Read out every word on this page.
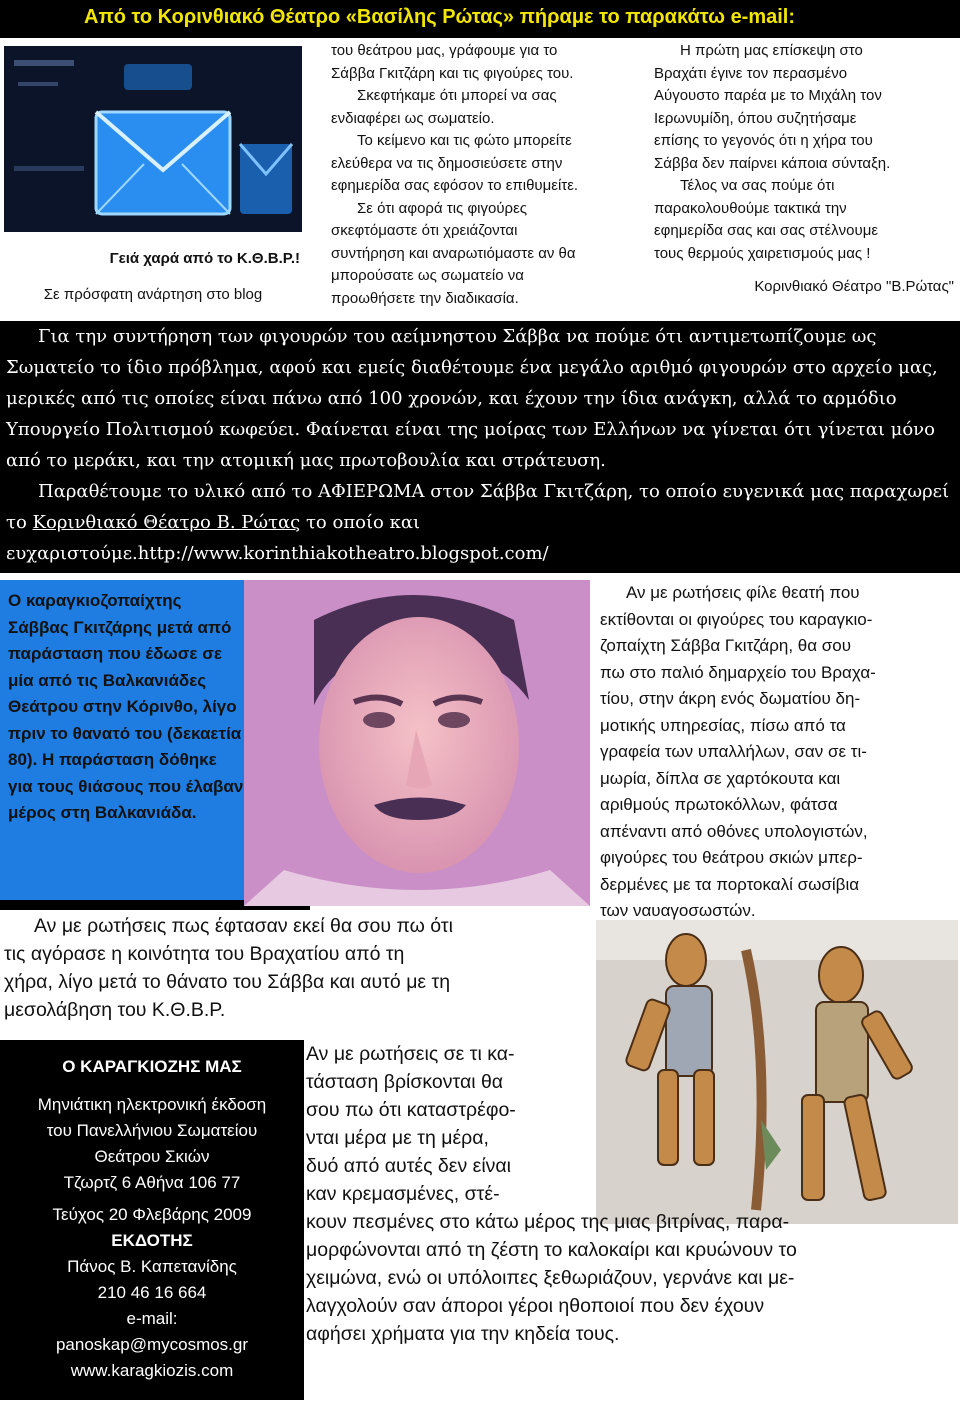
Από το Κορινθιακό Θέατρο «Βασίλης Ρώτας» πήραμε το παρακάτω e-mail:
Γειά χαρά από το Κ.Θ.Β.Ρ.!
Σε πρόσφατη ανάρτηση στο blog

του θεάτρου μας, γράφουμε για το

Σάββα Γκιτζάρη και τις φιγούρες του.

Σκεφτήκαμε ότι μπορεί να σας

ενδιαφέρει ως σωματείο.

Το κείμενο και τις φώτο μπορείτε

ελεύθερα να τις δημοσιεύσετε στην

εφημερίδα σας εφόσον το επιθυμείτε.

Σε ότι αφορά τις φιγούρες

σκεφτόμαστε ότι χρειάζονται

συντήρηση και αναρωτιόμαστε αν θα

μπορούσατε ως σωματείο να

προωθήσετε την διαδικασία.

Η πρώτη μας επίσκεψη στο

Βραχάτι έγινε τον περασμένο

Αύγουστο παρέα με το Μιχάλη τον

Ιερωνυμίδη, όπου συζητήσαμε

επίσης το γεγονός ότι η χήρα του

Σάββα δεν παίρνει κάποια σύνταξη.

Τέλος να σας πούμε ότι

παρακολουθούμε τακτικά την

εφημερίδα σας και σας στέλνουμε

τους θερμούς χαιρετισμούς μας !

Κορινθιακό Θέατρο "Β.Ρώτας"

Για την συντήρηση των φιγουρών του αείμνηστου Σάββα να πούμε ότι αντιμετωπίζουμε ως Σωματείο το ίδιο πρόβλημα, αφού και εμείς διαθέτουμε ένα μεγάλο αριθμό φιγουρών στο αρχείο μας, μερικές από τις οποίες είναι πάνω από 100 χρονών, και έχουν την ίδια ανάγκη, αλλά το αρμόδιο Υπουργείο Πολιτισμού κωφεύει. Φαίνεται είναι της μοίρας των Ελλήνων να γίνεται ότι γίνεται μόνο από το μεράκι, και την ατομική μας πρωτοβουλία και στράτευση.

Παραθέτουμε το υλικό από το ΑΦΙΕΡΩΜΑ στον Σάββα Γκιτζάρη, το οποίο ευγενικά μας παραχωρεί το Κορινθιακό Θέατρο Β. Ρώτας το οποίο και ευχαριστούμε.http://www.korinthiakotheatro.blogspot.com/

Ο καραγκιοζοπαίχτης Σάββας Γκιτζάρης μετά από παράσταση που έδωσε σε μία από τις Βαλκανιάδες Θεάτρου στην Κόρινθο, λίγο πριν το θανατό του (δεκαετία 80). Η παράσταση δόθηκε για τους θιάσους που έλαβαν μέρος στη Βαλκανιάδα.

Αν με ρωτήσεις φίλε θεατή που

εκτίθονται οι φιγούρες του καραγκιο-

ζοπαίχτη Σάββα Γκιτζάρη, θα σου

πω στο παλιό δημαρχείο του Βραχα-

τίου, στην άκρη ενός δωματίου δη-

μοτικής υπηρεσίας, πίσω από τα

γραφεία των υπαλλήλων, σαν σε τι-

μωρία, δίπλα σε χαρτόκουτα και

αριθμούς πρωτοκόλλων, φάτσα

απέναντι από οθόνες υπολογιστών,

φιγούρες του θεάτρου σκιών μπερ-

δερμένες με τα πορτοκαλί σωσίβια

των ναυαγοσωστών.

Αν με ρωτήσεις πως έφτασαν εκεί θα σου πω ότι
τις αγόρασε η κοινότητα του Βραχατίου από τη
χήρα, λίγο μετά το θάνατο του Σάββα και αυτό με τη
μεσολάβηση του Κ.Θ.Β.Ρ.
Αν με ρωτήσεις σε τι κα-
τάσταση βρίσκονται θα
σου πω ότι καταστρέφο-
νται μέρα με τη μέρα,
δυό από αυτές δεν είναι
καν κρεμασμένες, στέ-
κουν πεσμένες στο κάτω μέρος της μιας βιτρίνας, παρα-
μορφώνονται από τη ζέστη το καλοκαίρι και κρυώνουν το
χειμώνα, ενώ οι υπόλοιπες ξεθωριάζουν, γερνάνε και με-
λαγχολούν σαν άποροι γέροι ηθοποιοί που δεν έχουν
αφήσει χρήματα για την κηδεία τους.
Ο ΚΑΡΑΓΚΙΟΖΗΣ ΜΑΣ
Μηνιάτικη ηλεκτρονική έκδοση
του Πανελλήνιου Σωματείου
Θεάτρου Σκιών
Τζωρτζ 6 Αθήνα 106 77
Τεύχος 20 Φλεβάρης 2009
ΕΚΔΟΤΗΣ
Πάνος Β. Καπετανίδης
210 46 16 664
e-mail:
panoskap@mycosmos.gr
www.karagkiozis.com
